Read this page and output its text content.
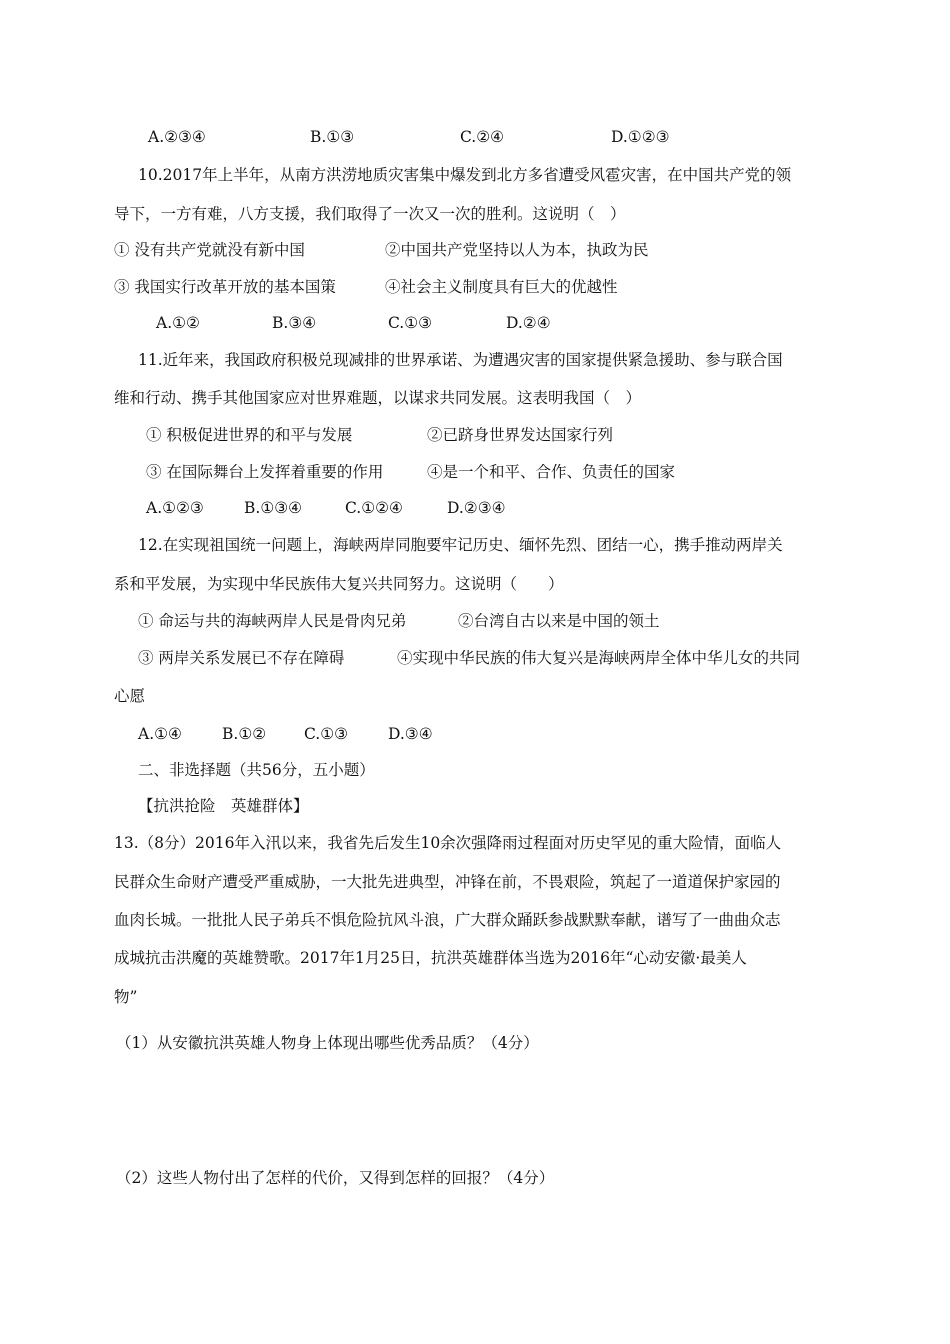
A.②③④	B.①③	C.②④	D.①②③
10.2017年上半年，从南方洪涝地质灾害集中爆发到北方多省遭受风雹灾害，在中国共产党的领
导下，一方有难，八方支援，我们取得了一次又一次的胜利。这说明（　）
① 没有共产党就没有新中国	②中国共产党坚持以人为本，执政为民
③ 我国实行改革开放的基本国策	④社会主义制度具有巨大的优越性
A.①②	B.③④	C.①③	D.②④
11.近年来，我国政府积极兑现减排的世界承诺、为遭遇灾害的国家提供紧急援助、参与联合国
维和行动、携手其他国家应对世界难题，以谋求共同发展。这表明我国（　）
① 积极促进世界的和平与发展	②已跻身世界发达国家行列
③ 在国际舞台上发挥着重要的作用	④是一个和平、合作、负责任的国家
A.①②③	B.①③④	C.①②④	D.②③④
12.在实现祖国统一问题上，海峡两岸同胞要牢记历史、缅怀先烈、团结一心，携手推动两岸关
系和平发展，为实现中华民族伟大复兴共同努力。这说明（　　）
① 命运与共的海峡两岸人民是骨肉兄弟	②台湾自古以来是中国的领土
③ 两岸关系发展已不存在障碍	④实现中华民族的伟大复兴是海峡两岸全体中华儿女的共同
心愿
A.①④	B.①② C.①③	D.③④
二、非选择题（共56分，五小题）
【抗洪抢险　英雄群体】
13.（8分）2016年入汛以来，我省先后发生10余次强降雨过程面对历史罕见的重大险情，面临人
民群众生命财产遭受严重威胁，一大批先进典型，冲锋在前，不畏艰险，筑起了一道道保护家园的
血肉长城。一批批人民子弟兵不惧危险抗风斗浪，广大群众踊跃参战默默奉献，谱写了一曲曲众志
成城抗击洪魔的英雄赞歌。2017年1月25日，抗洪英雄群体当选为2016年“心动安徽·最美人
物”
（1）从安徽抗洪英雄人物身上体现出哪些优秀品质？（4分）
（2）这些人物付出了怎样的代价，又得到怎样的回报？（4分）
